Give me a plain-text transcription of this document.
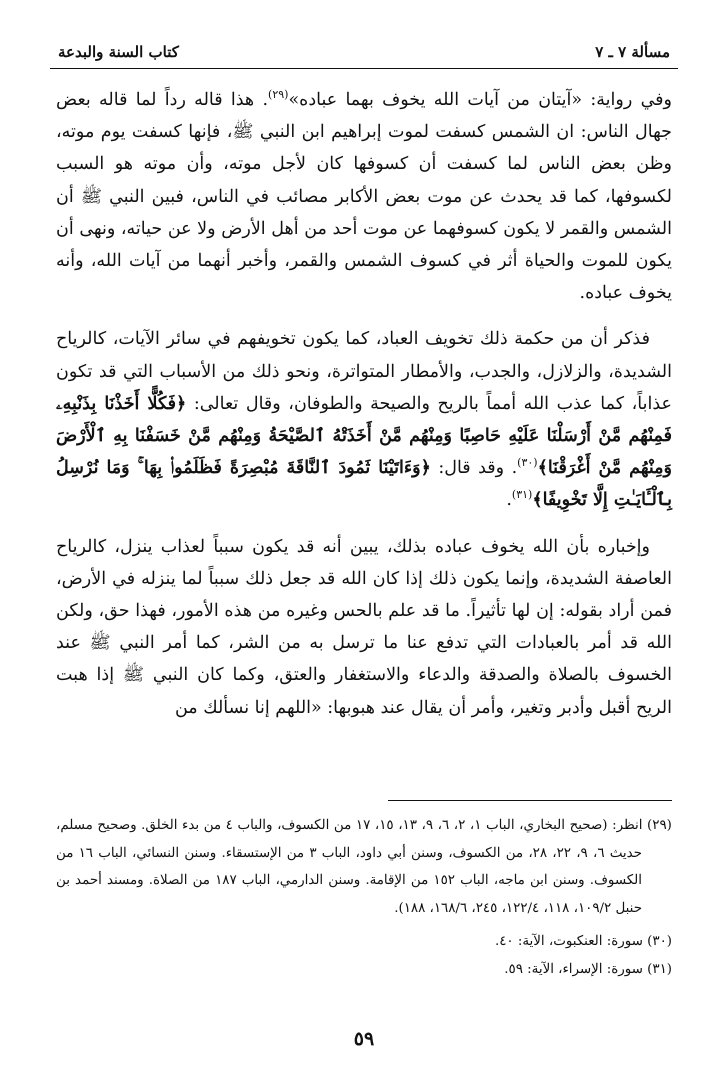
مسألة ٧ ـ ٧
كتاب السنة والبدعة

وفي رواية: «آيتان من آيات الله يخوف بهما عباده»$^{(٢٩)}$. هذا قاله رداً لما قاله بعض جهال الناس: ان الشمس كسفت لموت إبراهيم ابن النبي ﷺ، فإنها كسفت يوم موته، وظن بعض الناس لما كسفت أن كسوفها كان لأجل موته، وأن موته هو السبب لكسوفها، كما قد يحدث عن موت بعض الأكابر مصائب في الناس، فبين النبي ﷺ أن الشمس والقمر لا يكون كسوفهما عن موت أحد من أهل الأرض ولا عن حياته، ونهى أن يكون للموت والحياة أثر في كسوف الشمس والقمر، وأخبر أنهما من آيات الله، وأنه يخوف عباده.

فذكر أن من حكمة ذلك تخويف العباد، كما يكون تخويفهم في سائر الآيات، كالرياح الشديدة، والزلازل، والجدب، والأمطار المتواترة، ونحو ذلك من الأسباب التي قد تكون عذاباً، كما عذب الله أمماً بالريح والصيحة والطوفان، وقال تعالى: ﴿فَكُلًّا أَخَذْنَا بِذَنْبِهِۦ فَمِنْهُم مَّنْ أَرْسَلْنَا عَلَيْهِ حَاصِبًا وَمِنْهُم مَّنْ أَخَذَتْهُ ٱلصَّيْحَةُ وَمِنْهُم مَّنْ خَسَفْنَا بِهِ ٱلْأَرْضَ وَمِنْهُم مَّنْ أَغْرَقْنَا﴾$^{(٣٠)}$. وقد قال: ﴿وَءَاتَيْنَا ثَمُودَ ٱلنَّاقَةَ مُبْصِرَةً فَظَلَمُوا۟ بِهَا ۚ وَمَا نُرْسِلُ بِٱلْـَٔايَـٰتِ إِلَّا تَخْوِيفًا﴾$^{(٣١)}$.

وإخباره بأن الله يخوف عباده بذلك، يبين أنه قد يكون سبباً لعذاب ينزل، كالرياح العاصفة الشديدة، وإنما يكون ذلك إذا كان الله قد جعل ذلك سبباً لما ينزله في الأرض، فمن أراد بقوله: إن لها تأثيراً. ما قد علم بالحس وغيره من هذه الأمور، فهذا حق، ولكن الله قد أمر بالعبادات التي تدفع عنا ما ترسل به من الشر، كما أمر النبي ﷺ عند الخسوف بالصلاة والصدقة والدعاء والاستغفار والعتق، وكما كان النبي ﷺ إذا هبت الريح أقبل وأدبر وتغير، وأمر أن يقال عند هبوبها: «اللهم إنا نسألك من

(٢٩) انظر: (صحيح البخاري، الباب ١، ٢، ٦، ٩، ١٣، ١٥، ١٧ من الكسوف، والباب ٤ من بدء الخلق. وصحيح مسلم، حديث ٦، ٩، ٢٢، ٢٨، من الكسوف، وسنن أبي داود، الباب ٣ من الإستسقاء. وسنن النسائي، الباب ١٦ من الكسوف. وسنن ابن ماجه، الباب ١٥٢ من الإقامة. وسنن الدارمي، الباب ١٨٧ من الصلاة. ومسند أحمد بن حنبل ١٠٩/٢، ١١٨، ١٢٢/٤، ٢٤٥، ١٦٨/٦، ١٨٨).

(٣٠) سورة: العنكبوت، الآية: ٤٠.

(٣١) سورة: الإسراء، الآية: ٥٩.

٥٩
